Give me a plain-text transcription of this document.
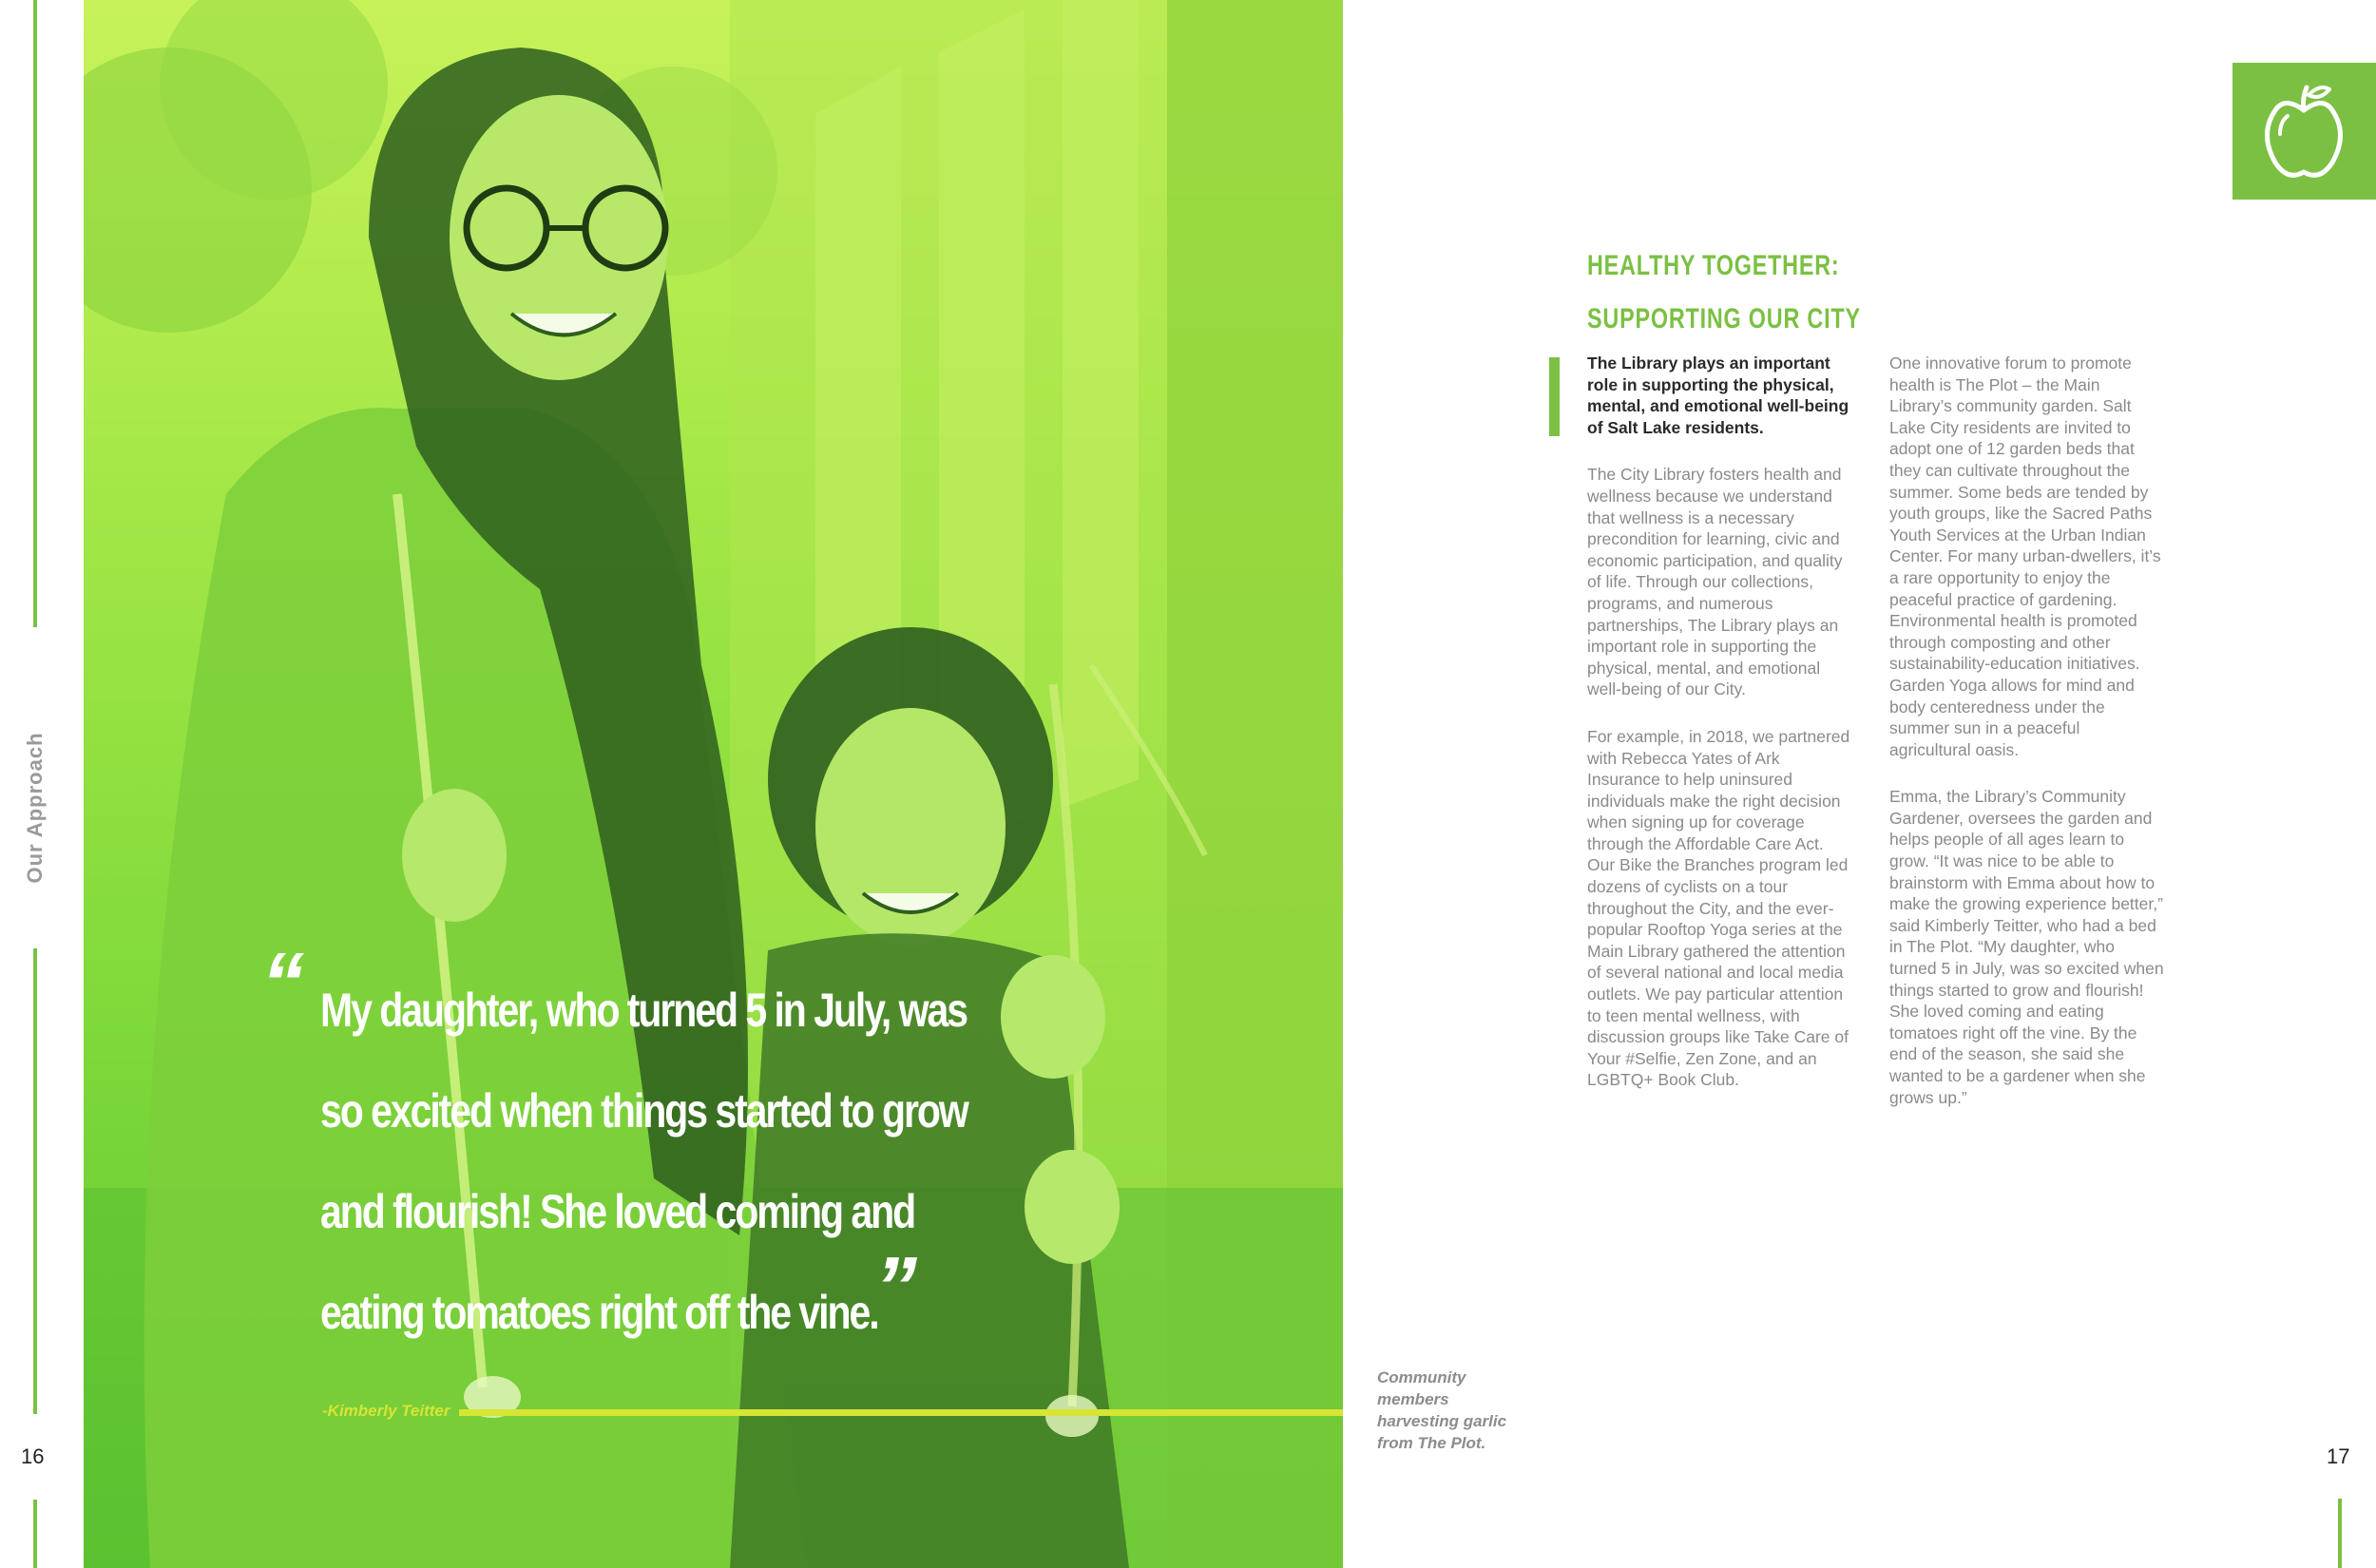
Our Approach
16
“ My daughter, who turned 5 in July, was so excited when things started to grow and flourish! She loved coming and eating tomatoes right off the vine.
”
-Kimberly Teitter
Community members harvesting garlic from The Plot.
HEALTHY TOGETHER:
SUPPORTING OUR CITY

The Library plays an important role in supporting the physical, mental, and emotional well-being of Salt Lake residents.

The City Library fosters health and wellness because we understand that wellness is a necessary precondition for learning, civic and economic participation, and quality of life. Through our collections, programs, and numerous partnerships, The Library plays an important role in supporting the physical, mental, and emotional well-being of our City.

For example, in 2018, we partnered with Rebecca Yates of Ark Insurance to help uninsured individuals make the right decision when signing up for coverage through the Affordable Care Act. Our Bike the Branches program led dozens of cyclists on a tour throughout the City, and the ever-popular Rooftop Yoga series at the Main Library gathered the attention of several national and local media outlets. We pay particular attention to teen mental wellness, with discussion groups like Take Care of Your #Selfie, Zen Zone, and an LGBTQ+ Book Club.

One innovative forum to promote health is The Plot – the Main Library’s community garden. Salt Lake City residents are invited to adopt one of 12 garden beds that they can cultivate throughout the summer. Some beds are tended by youth groups, like the Sacred Paths Youth Services at the Urban Indian Center. For many urban-dwellers, it’s a rare opportunity to enjoy the peaceful practice of gardening. Environmental health is promoted through composting and other sustainability-education initiatives. Garden Yoga allows for mind and body centeredness under the summer sun in a peaceful agricultural oasis.

Emma, the Library’s Community Gardener, oversees the garden and helps people of all ages learn to grow. “It was nice to be able to brainstorm with Emma about how to make the growing experience better,” said Kimberly Teitter, who had a bed in The Plot. “My daughter, who turned 5 in July, was so excited when things started to grow and flourish! She loved coming and eating tomatoes right off the vine. By the end of the season, she said she wanted to be a gardener when she grows up.”

17
